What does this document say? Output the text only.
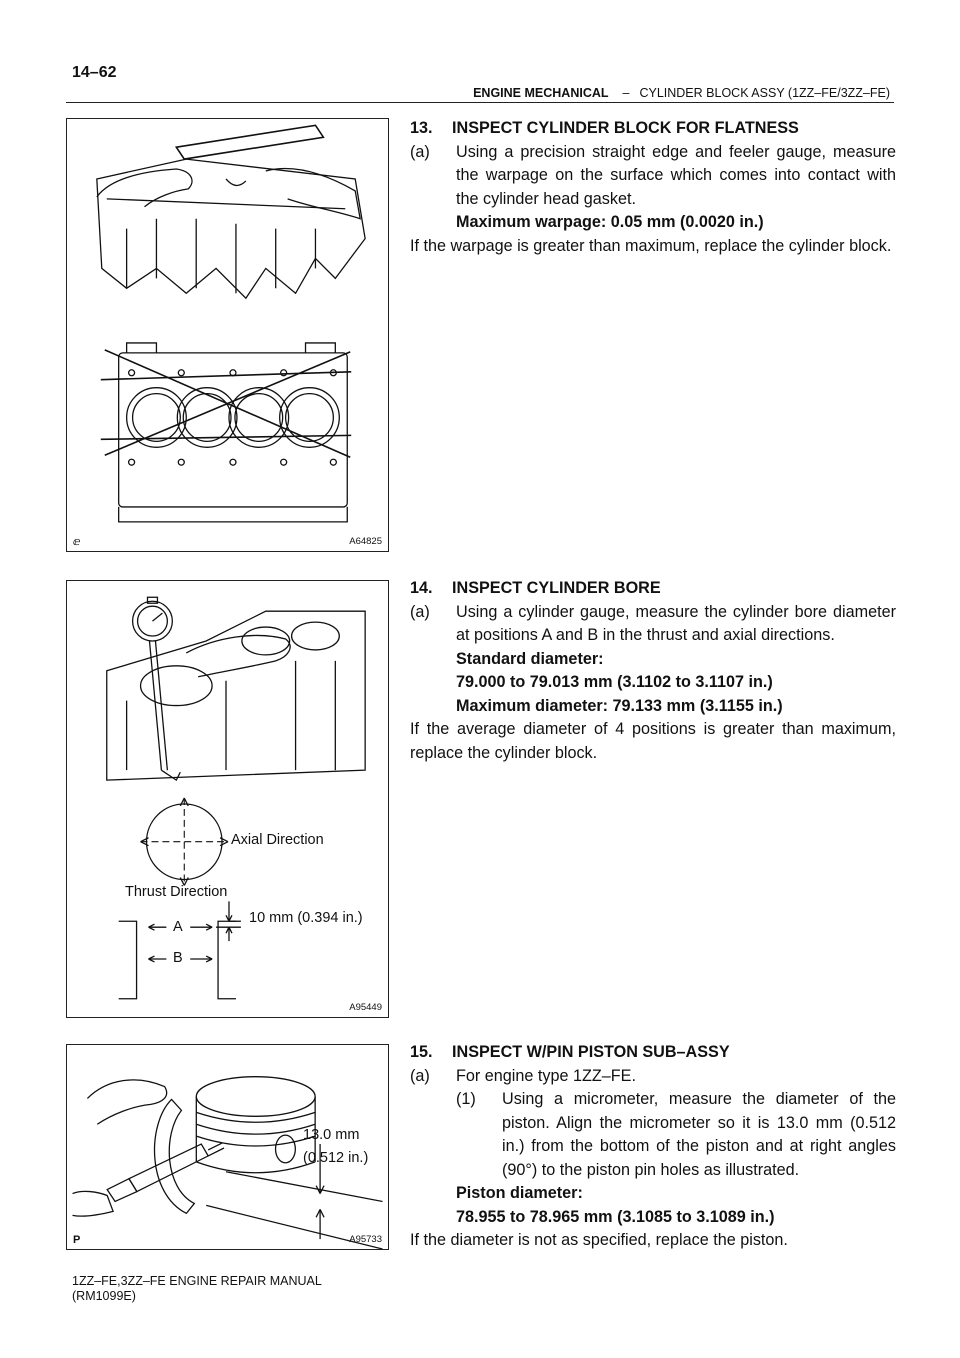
14–62
ENGINE MECHANICAL – CYLINDER BLOCK ASSY (1ZZ–FE/3ZZ–FE)
ⅇ	A64825
Axial Direction
Thrust Direction
A
B
10 mm (0.394 in.)
A95449
13.0 mm
(0.512 in.)
P	A95733
13.	INSPECT CYLINDER BLOCK FOR FLATNESS
(a)	Using a precision straight edge and feeler gauge, measure the warpage on the surface which comes into contact with the cylinder head gasket.
Maximum warpage: 0.05 mm (0.0020 in.)
If the warpage is greater than maximum, replace the cylinder block.
14.	INSPECT CYLINDER BORE
(a)	Using a cylinder gauge, measure the cylinder bore diameter at positions A and B in the thrust and axial directions.
Standard diameter:
79.000 to 79.013 mm (3.1102 to 3.1107 in.)
Maximum diameter: 79.133 mm (3.1155 in.)
If the average diameter of 4 positions is greater than maximum, replace the cylinder block.
15.	INSPECT W/PIN PISTON SUB–ASSY
(a)	For engine type 1ZZ–FE.
(1)	Using a micrometer, measure the diameter of the piston. Align the micrometer so it is 13.0 mm (0.512 in.) from the bottom of the piston and at right angles (90°) to the piston pin holes as illustrated.
Piston diameter:
78.955 to 78.965 mm (3.1085 to 3.1089 in.)
If the diameter is not as specified, replace the piston.
1ZZ–FE,3ZZ–FE ENGINE REPAIR MANUAL
(RM1099E)
